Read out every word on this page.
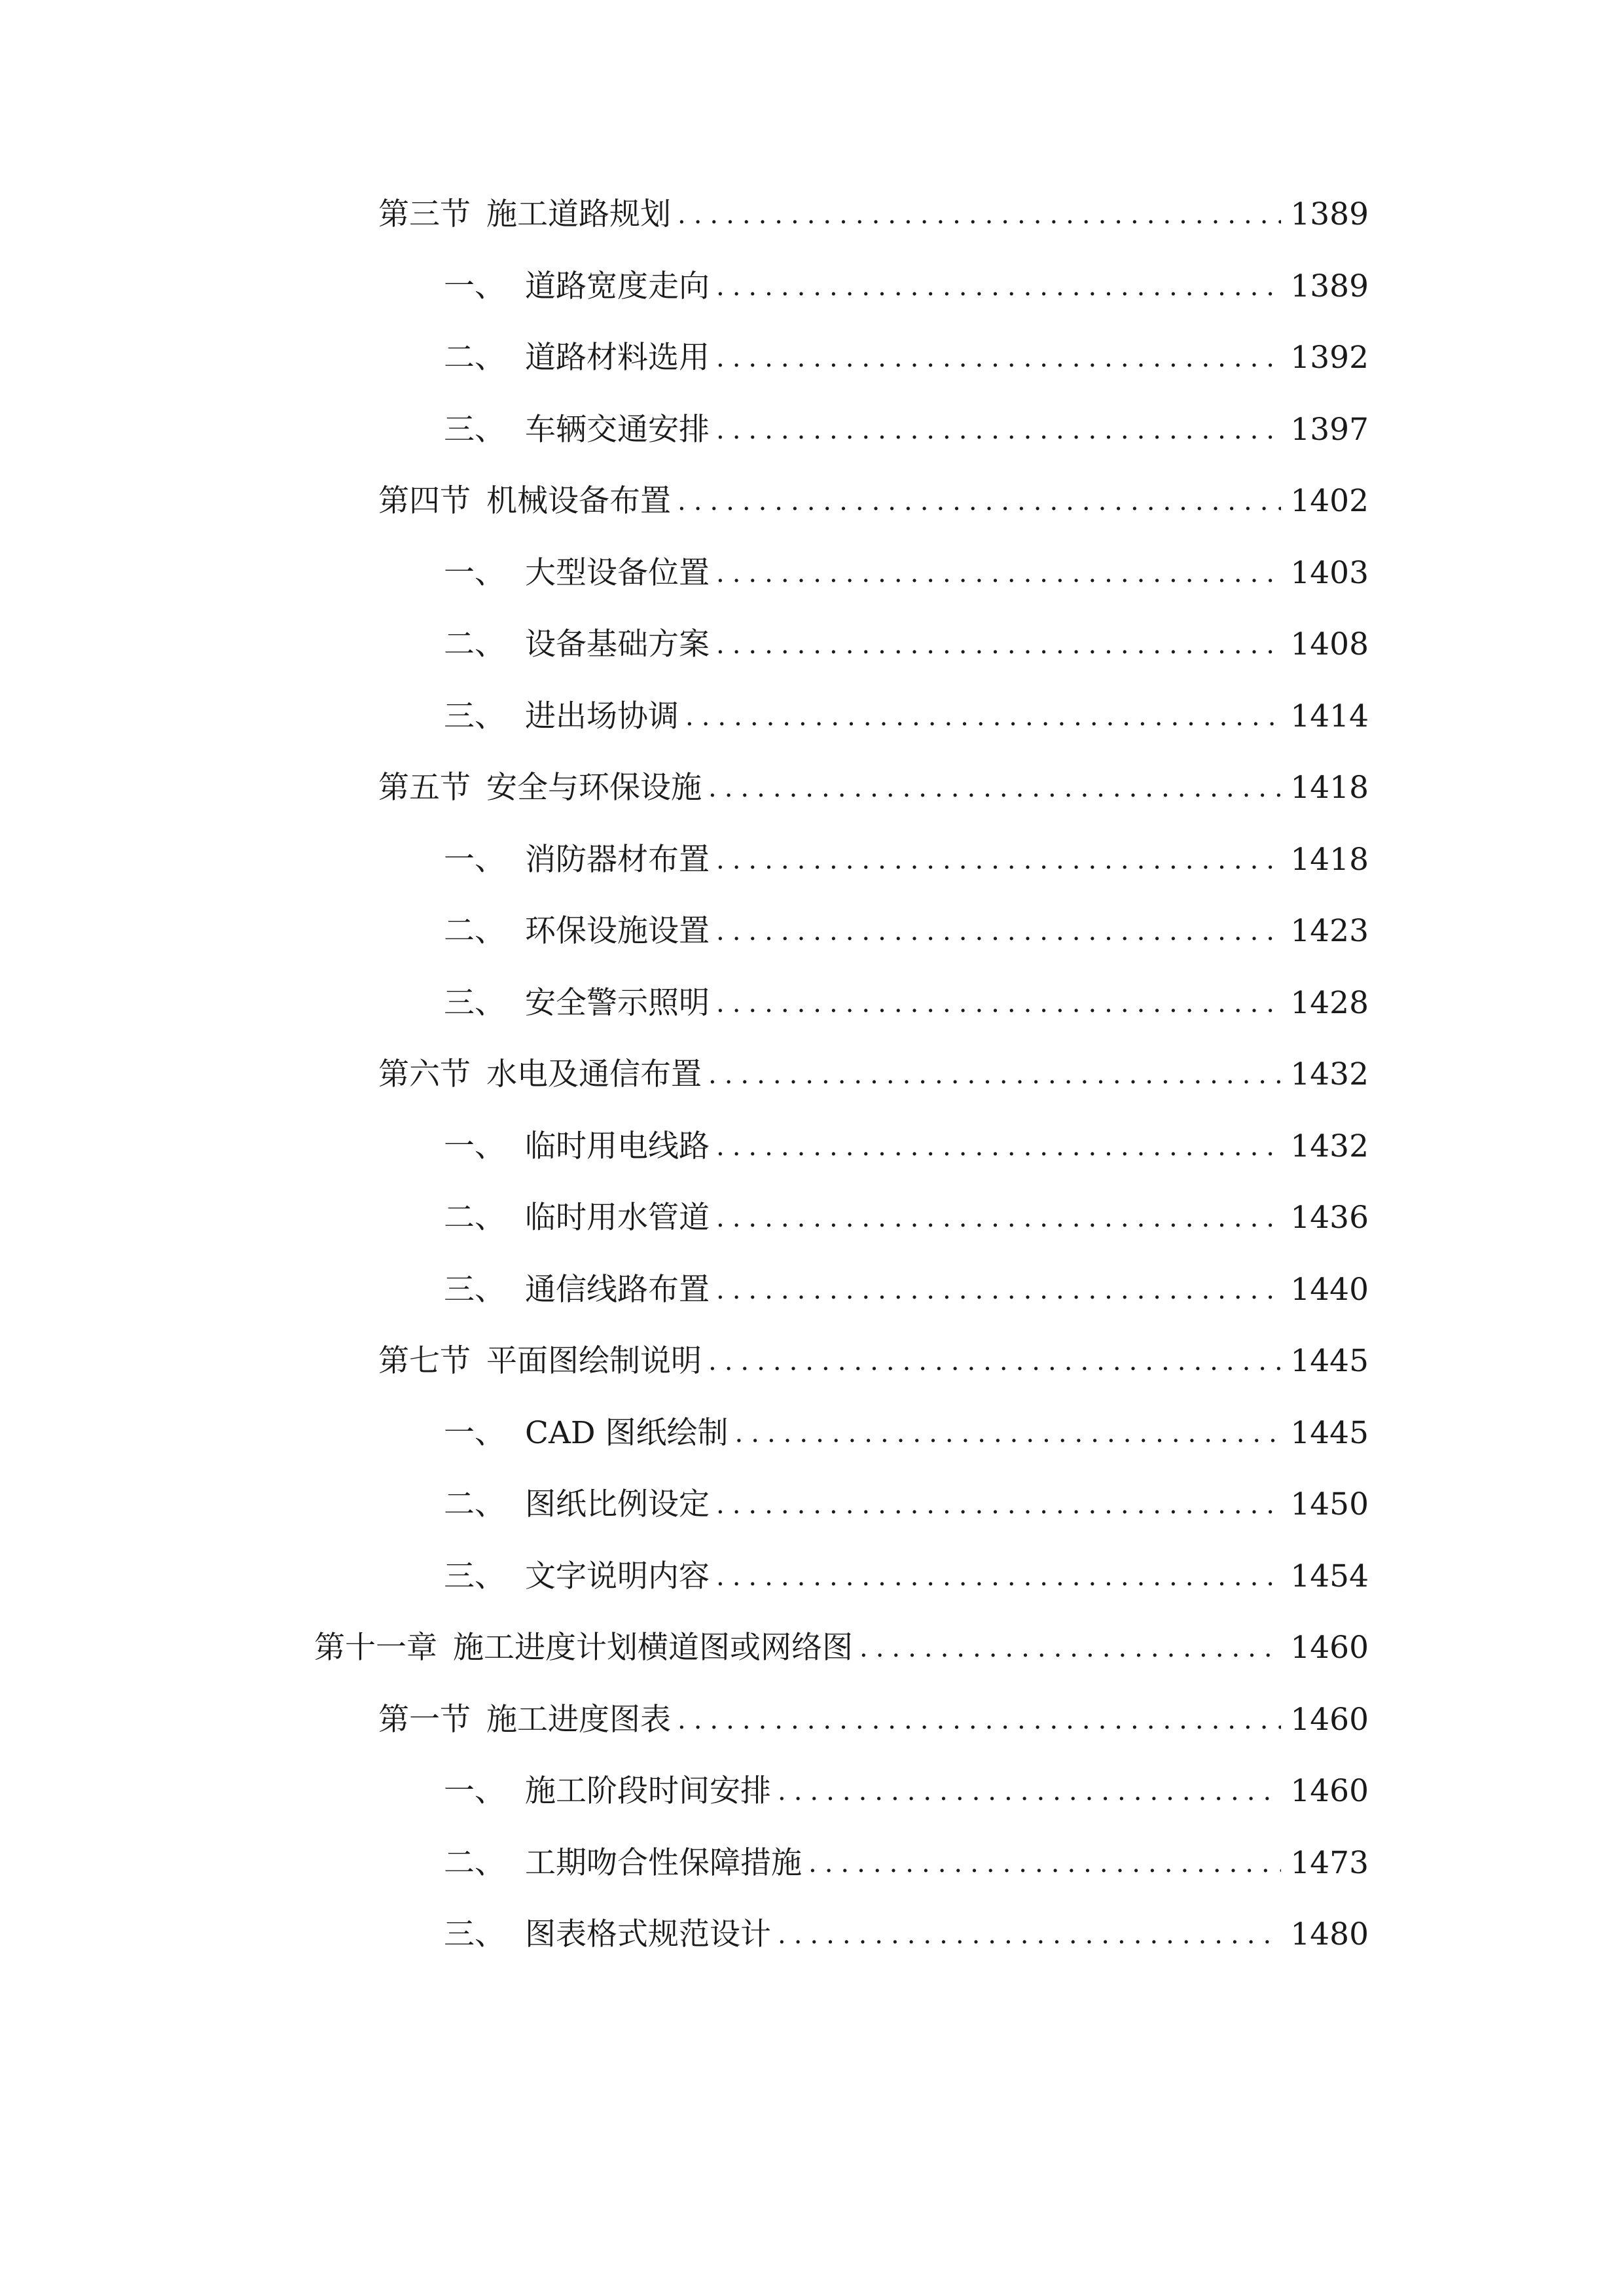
第三节 施工道路规划 .....	1389
一、 道路宽度走向 .....	1389
二、 道路材料选用 .....	1392
三、 车辆交通安排 .....	1397
第四节 机械设备布置 .....	1402
一、 大型设备位置 .....	1403
二、 设备基础方案 .....	1408
三、 进出场协调 .....	1414
第五节 安全与环保设施 .....	1418
一、 消防器材布置 .....	1418
二、 环保设施设置 .....	1423
三、 安全警示照明 .....	1428
第六节 水电及通信布置 .....	1432
一、 临时用电线路 .....	1432
二、 临时用水管道 .....	1436
三、 通信线路布置 .....	1440
第七节 平面图绘制说明 .....	1445
一、 CAD 图纸绘制 .....	1445
二、 图纸比例设定 .....	1450
三、 文字说明内容 .....	1454
第十一章 施工进度计划横道图或网络图 .....	1460
第一节 施工进度图表 .....	1460
一、 施工阶段时间安排 .....	1460
二、 工期吻合性保障措施 .....	1473
三、 图表格式规范设计 .....	1480
